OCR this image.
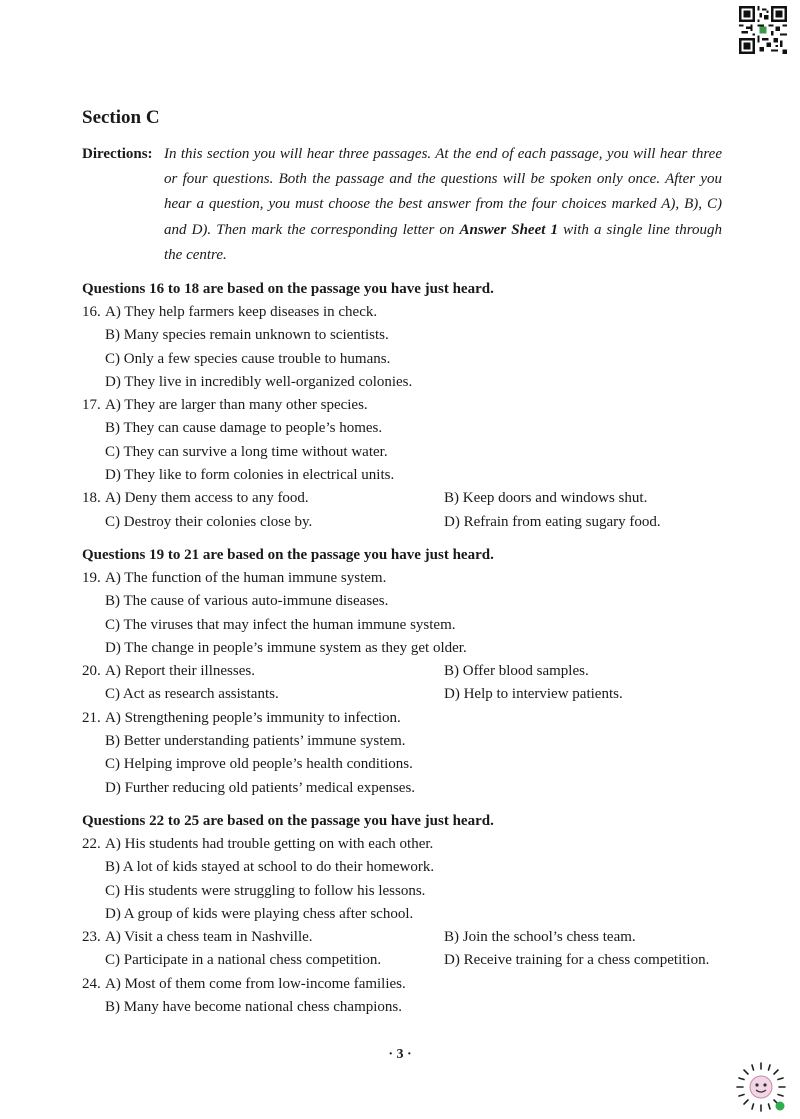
Section C
Directions: In this section you will hear three passages. At the end of each passage, you will hear three or four questions. Both the passage and the questions will be spoken only once. After you hear a question, you must choose the best answer from the four choices marked A), B), C) and D). Then mark the corresponding letter on Answer Sheet 1 with a single line through the centre.
Questions 16 to 18 are based on the passage you have just heard.
16. A) They help farmers keep diseases in check.
B) Many species remain unknown to scientists.
C) Only a few species cause trouble to humans.
D) They live in incredibly well-organized colonies.
17. A) They are larger than many other species.
B) They can cause damage to people’s homes.
C) They can survive a long time without water.
D) They like to form colonies in electrical units.
18. A) Deny them access to any food.	B) Keep doors and windows shut.
C) Destroy their colonies close by.	D) Refrain from eating sugary food.
Questions 19 to 21 are based on the passage you have just heard.
19. A) The function of the human immune system.
B) The cause of various auto-immune diseases.
C) The viruses that may infect the human immune system.
D) The change in people’s immune system as they get older.
20. A) Report their illnesses.	B) Offer blood samples.
C) Act as research assistants.	D) Help to interview patients.
21. A) Strengthening people’s immunity to infection.
B) Better understanding patients’ immune system.
C) Helping improve old people’s health conditions.
D) Further reducing old patients’ medical expenses.
Questions 22 to 25 are based on the passage you have just heard.
22. A) His students had trouble getting on with each other.
B) A lot of kids stayed at school to do their homework.
C) His students were struggling to follow his lessons.
D) A group of kids were playing chess after school.
23. A) Visit a chess team in Nashville.	B) Join the school’s chess team.
C) Participate in a national chess competition.	D) Receive training for a chess competition.
24. A) Most of them come from low-income families.
B) Many have become national chess champions.
· 3 ·
